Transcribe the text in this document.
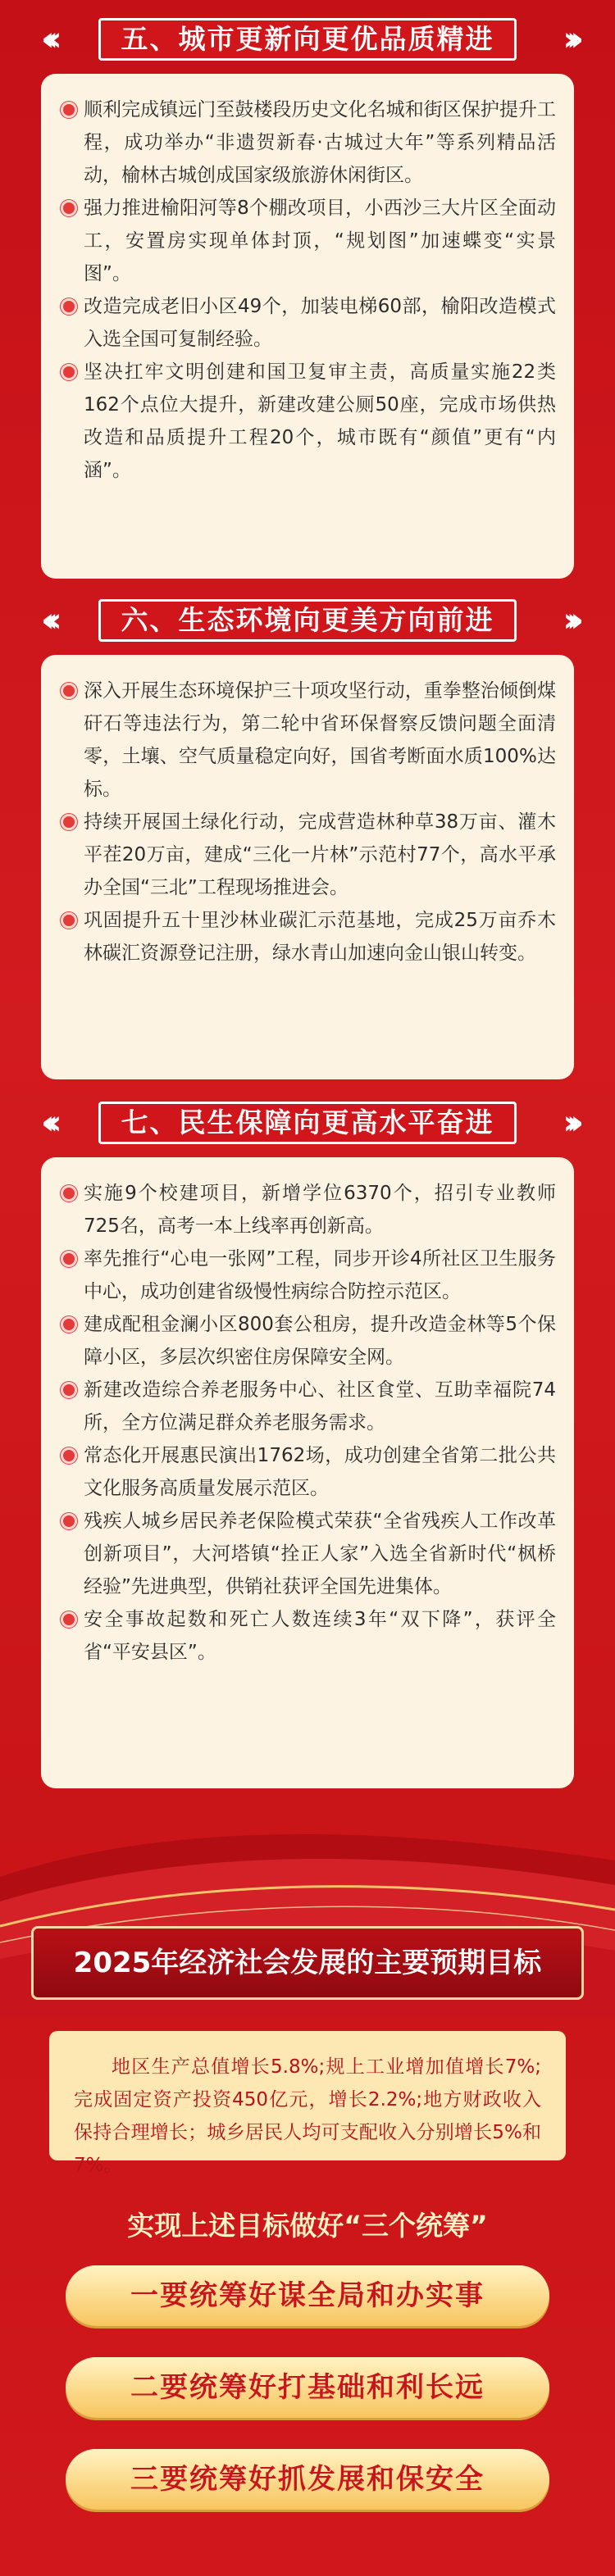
‹‹‹	五、城市更新向更优品质精进	›››
顺利完成镇远门至鼓楼段历史文化名城和街区保护提升工程，成功举办“非遗贺新春·古城过大年”等系列精品活动，榆林古城创成国家级旅游休闲街区。
强力推进榆阳河等8个棚改项目，小西沙三大片区全面动工，安置房实现单体封顶，“规划图”加速蝶变“实景图”。
改造完成老旧小区49个，加装电梯60部，榆阳改造模式入选全国可复制经验。
坚决扛牢文明创建和国卫复审主责，高质量实施22类162个点位大提升，新建改建公厕50座，完成市场供热改造和品质提升工程20个，城市既有“颜值”更有“内涵”。
‹‹‹	六、生态环境向更美方向前进	›››
深入开展生态环境保护三十项攻坚行动，重拳整治倾倒煤矸石等违法行为，第二轮中省环保督察反馈问题全面清零，土壤、空气质量稳定向好，国省考断面水质100%达标。
持续开展国土绿化行动，完成营造林种草38万亩、灌木平茬20万亩，建成“三化一片林”示范村77个，高水平承办全国“三北”工程现场推进会。
巩固提升五十里沙林业碳汇示范基地，完成25万亩乔木林碳汇资源登记注册，绿水青山加速向金山银山转变。
‹‹‹	七、民生保障向更高水平奋进	›››
实施9个校建项目，新增学位6370个，招引专业教师725名，高考一本上线率再创新高。
率先推行“心电一张网”工程，同步开诊4所社区卫生服务中心，成功创建省级慢性病综合防控示范区。
建成配租金澜小区800套公租房，提升改造金林等5个保障小区，多层次织密住房保障安全网。
新建改造综合养老服务中心、社区食堂、互助幸福院74所，全方位满足群众养老服务需求。
常态化开展惠民演出1762场，成功创建全省第二批公共文化服务高质量发展示范区。
残疾人城乡居民养老保险模式荣获“全省残疾人工作改革创新项目”，大河塔镇“拴正人家”入选全省新时代“枫桥经验”先进典型，供销社获评全国先进集体。
安全事故起数和死亡人数连续3年“双下降”，获评全省“平安县区”。
2025年经济社会发展的主要预期目标
地区生产总值增长5.8%;规上工业增加值增长7%;完成固定资产投资450亿元，增长2.2%;地方财政收入保持合理增长；城乡居民人均可支配收入分别增长5%和7%。
实现上述目标做好“三个统筹”
一要统筹好谋全局和办实事
二要统筹好打基础和利长远
三要统筹好抓发展和保安全
